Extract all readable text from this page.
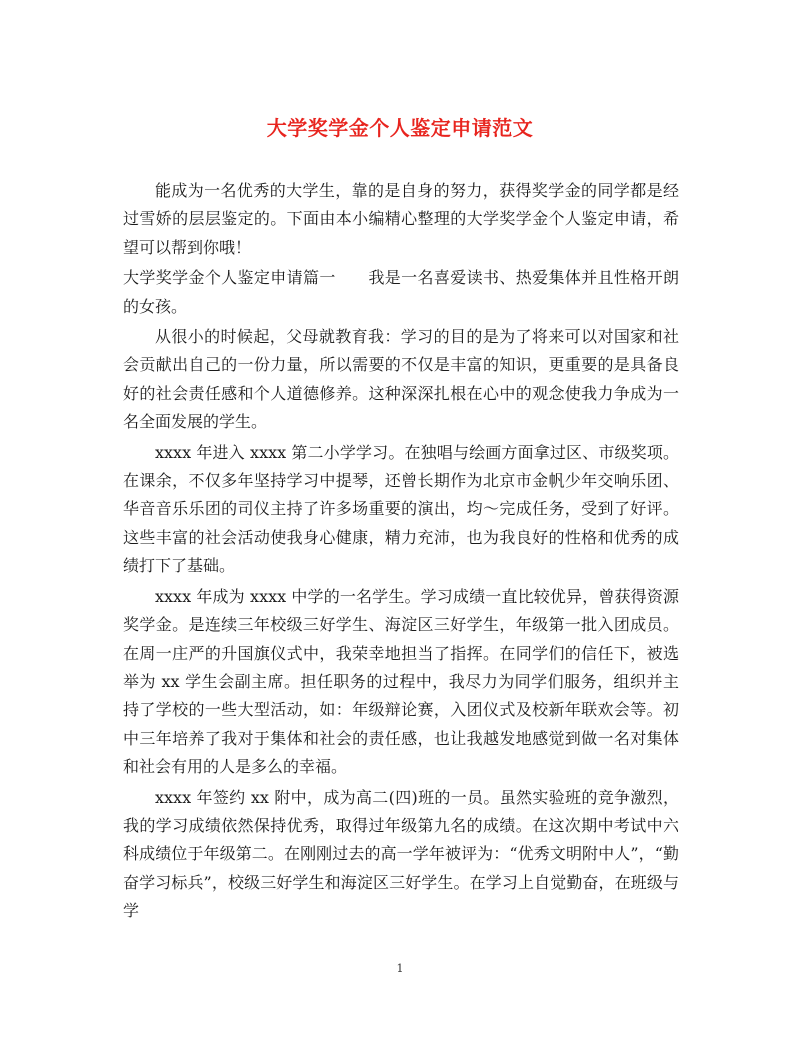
大学奖学金个人鉴定申请范文

能成为一名优秀的大学生，靠的是自身的努力，获得奖学金的同学都是经过雪娇的层层鉴定的。下面由本小编精心整理的大学奖学金个人鉴定申请，希望可以帮到你哦！

大学奖学金个人鉴定申请篇一　　我是一名喜爱读书、热爱集体并且性格开朗的女孩。

从很小的时候起，父母就教育我：学习的目的是为了将来可以对国家和社会贡献出自己的一份力量，所以需要的不仅是丰富的知识，更重要的是具备良好的社会责任感和个人道德修养。这种深深扎根在心中的观念使我力争成为一名全面发展的学生。

xxxx 年进入 xxxx 第二小学学习。在独唱与绘画方面拿过区、市级奖项。在课余，不仅多年坚持学习中提琴，还曾长期作为北京市金帆少年交响乐团、华音音乐乐团的司仪主持了许多场重要的演出，均～完成任务，受到了好评。这些丰富的社会活动使我身心健康，精力充沛，也为我良好的性格和优秀的成绩打下了基础。

xxxx 年成为 xxxx 中学的一名学生。学习成绩一直比较优异，曾获得资源奖学金。是连续三年校级三好学生、海淀区三好学生，年级第一批入团成员。在周一庄严的升国旗仪式中，我荣幸地担当了指挥。在同学们的信任下，被选举为 xx 学生会副主席。担任职务的过程中，我尽力为同学们服务，组织并主持了学校的一些大型活动，如：年级辩论赛，入团仪式及校新年联欢会等。初中三年培养了我对于集体和社会的责任感，也让我越发地感觉到做一名对集体和社会有用的人是多么的幸福。

xxxx 年签约 xx 附中，成为高二(四)班的一员。虽然实验班的竞争激烈，我的学习成绩依然保持优秀，取得过年级第九名的成绩。在这次期中考试中六科成绩位于年级第二。在刚刚过去的高一学年被评为：“优秀文明附中人”，“勤奋学习标兵”，校级三好学生和海淀区三好学生。在学习上自觉勤奋，在班级与学

1
